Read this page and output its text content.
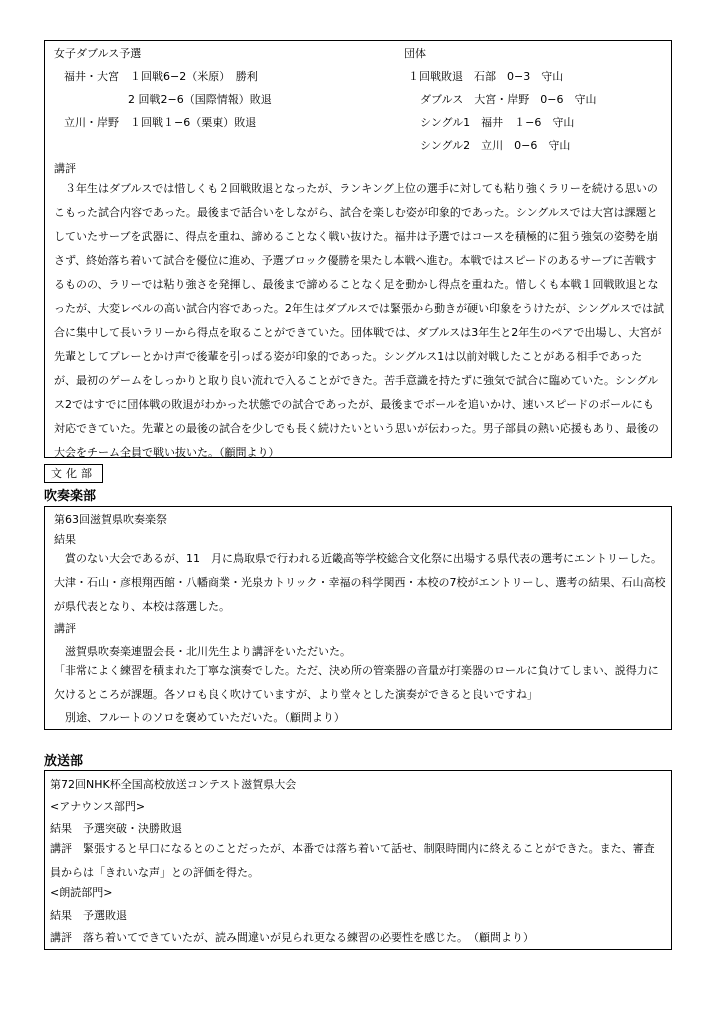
女子ダブルス予選
福井・大宮　１回戦6−2（米原）　勝利
2 回戦2−6（国際情報）敗退
立川・岸野　１回戦１−6（栗東）敗退
団体
１回戦敗退　石部　0−3　守山
ダブルス　大宮・岸野　0−6　守山
シングル1　福井　１−6　守山
シングル2　立川　0−6　守山
講評
　３年生はダブルスでは惜しくも２回戦敗退となったが、ランキング上位の選手に対しても粘り強くラリーを続ける思いのこもった試合内容であった。最後まで話合いをしながら、試合を楽しむ姿が印象的であった。シングルスでは大宮は課題としていたサーブを武器に、得点を重ね、諦めることなく戦い抜けた。福井は予選ではコースを積極的に狙う強気の姿勢を崩さず、終始落ち着いて試合を優位に進め、予選ブロック優勝を果たし本戦へ進む。本戦ではスピードのあるサーブに苦戦するものの、ラリーでは粘り強さを発揮し、最後まで諦めることなく足を動かし得点を重ねた。惜しくも本戦１回戦敗退となったが、大変レベルの高い試合内容であった。2年生はダブルスでは緊張から動きが硬い印象をうけたが、シングルスでは試合に集中して長いラリーから得点を取ることができていた。団体戦では、ダブルスは3年生と2年生のペアで出場し、大宮が先輩としてプレーとかけ声で後輩を引っぱる姿が印象的であった。シングルス1は以前対戦したことがある相手であったが、最初のゲームをしっかりと取り良い流れで入ることができた。苦手意識を持たずに強気で試合に臨めていた。シングルス2ではすでに団体戦の敗退がわかった状態での試合であったが、最後までボールを追いかけ、速いスピードのボールにも対応できていた。先輩との最後の試合を少しでも長く続けたいという思いが伝わった。男子部員の熱い応援もあり、最後の大会をチーム全員で戦い抜いた。（顧問より）
文化部
吹奏楽部
第63回滋賀県吹奏楽祭
結果
　賞のない大会であるが、11　月に鳥取県で行われる近畿高等学校総合文化祭に出場する県代表の選考にエントリーした。大津・石山・彦根翔西館・八幡商業・光泉カトリック・幸福の科学関西・本校の7校がエントリーし、選考の結果、石山高校が県代表となり、本校は落選した。
講評
　滋賀県吹奏楽連盟会長・北川先生より講評をいただいた。
「非常によく練習を積まれた丁寧な演奏でした。ただ、決め所の管楽器の音量が打楽器のロールに負けてしまい、説得力に欠けるところが課題。各ソロも良く吹けていますが、より堂々とした演奏ができると良いですね」
　別途、フルートのソロを褒めていただいた。（顧問より）
放送部
第72回NHK杯全国高校放送コンテスト滋賀県大会
<アナウンス部門>
結果　予選突破・決勝敗退
講評　緊張すると早口になるとのことだったが、本番では落ち着いて話せ、制限時間内に終えることができた。また、審査員からは「きれいな声」との評価を得た。
<朗読部門>
結果　予選敗退
講評　落ち着いてできていたが、読み間違いが見られ更なる練習の必要性を感じた。　（顧問より）
